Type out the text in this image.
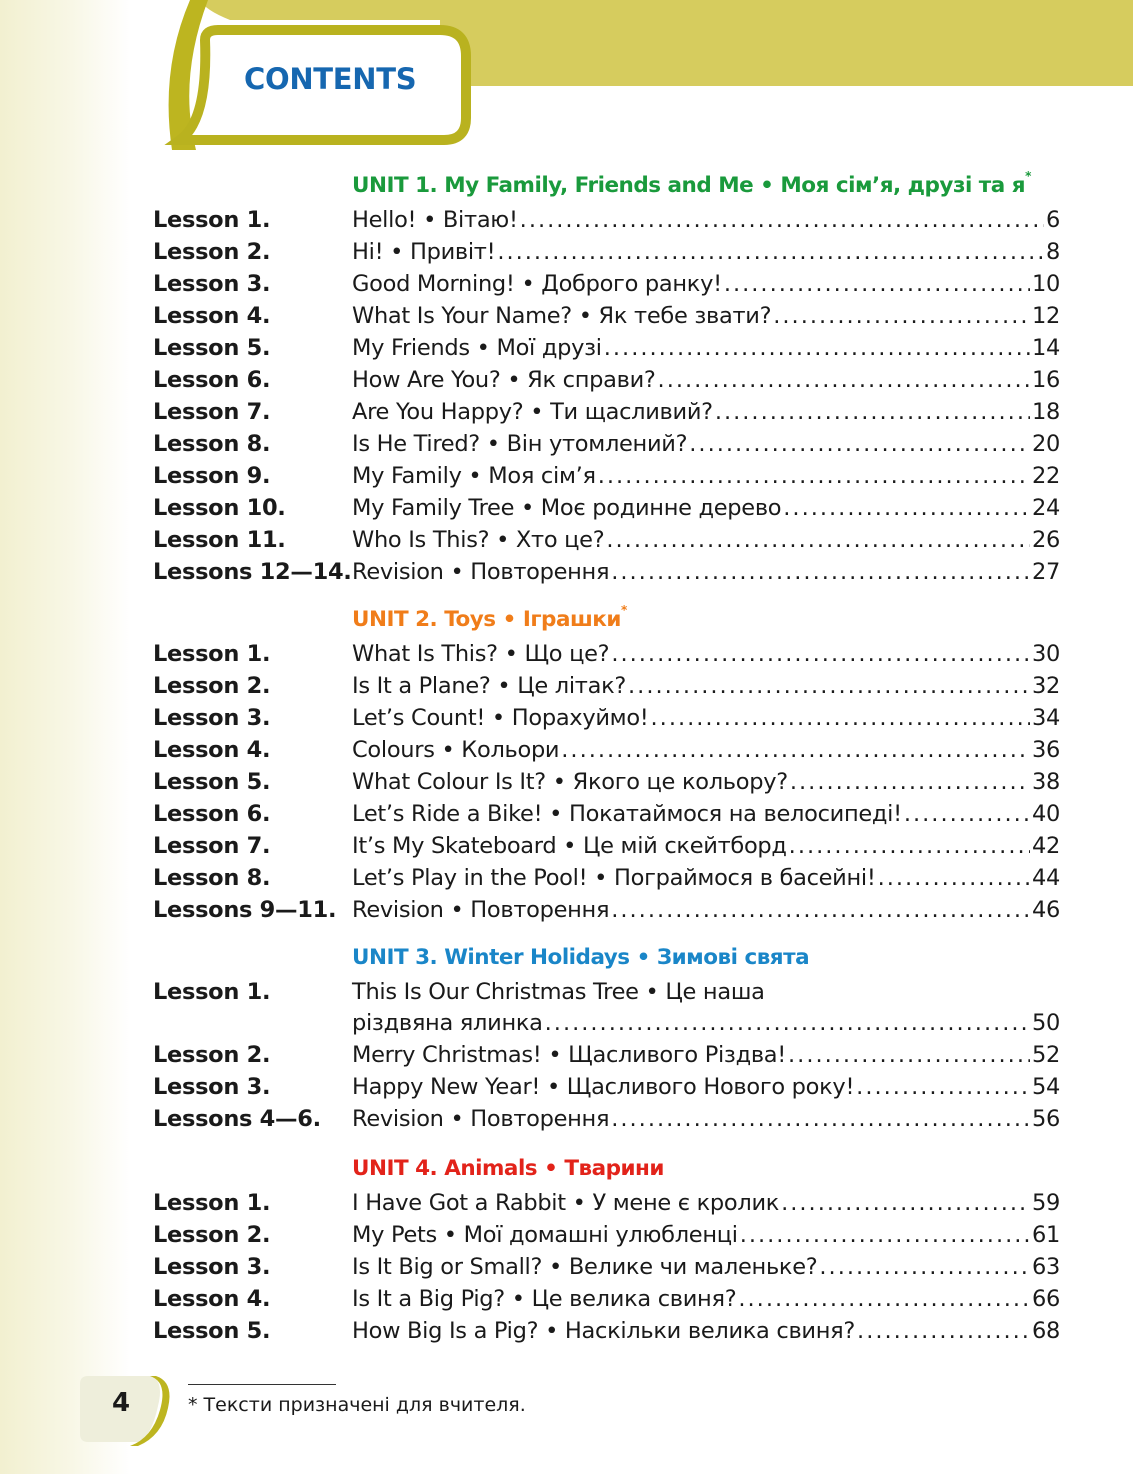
CONTENTS
UNIT 1. My Family, Friends and Me • Моя сім’я, друзі та я*
Lesson 1.	Hello! • Вітаю! .....	6
Lesson 2.	Hi! • Привіт! .....	8
Lesson 3.	Good Morning! • Доброго ранку! .....	10
Lesson 4.	What Is Your Name? • Як тебе звати? .....	12
Lesson 5.	My Friends • Мої друзі .....	14
Lesson 6.	How Are You? • Як справи? .....	16
Lesson 7.	Are You Happy? • Ти щасливий? .....	18
Lesson 8.	Is He Tired? • Він утомлений? .....	20
Lesson 9.	My Family • Моя сім’я .....	22
Lesson 10.	My Family Tree • Моє родинне дерево .....	24
Lesson 11.	Who Is This? • Хто це? .....	26
Lessons 12—14. Revision • Повторення .....	27
UNIT 2. Toys • Іграшки*
Lesson 1.	What Is This? • Що це? .....	30
Lesson 2.	Is It a Plane? • Це літак? .....	32
Lesson 3.	Let’s Count! • Порахуймо! .....	34
Lesson 4.	Colours • Кольори .....	36
Lesson 5.	What Colour Is It? • Якого це кольору? .....	38
Lesson 6.	Let’s Ride a Bike! • Покатаймося на велосипеді! .....	40
Lesson 7.	It’s My Skateboard • Це мій скейтборд .....	42
Lesson 8.	Let’s Play in the Pool! • Пограймося в басейні! .....	44
Lessons 9—11. Revision • Повторення .....	46
UNIT 3. Winter Holidays • Зимові свята
Lesson 1.	This Is Our Christmas Tree • Це наша
різдвяна ялинка .....	50
Lesson 2.	Merry Christmas! • Щасливого Різдва! .....	52
Lesson 3.	Happy New Year! • Щасливого Нового року! .....	54
Lessons 4—6. Revision • Повторення .....	56
UNIT 4. Animals • Тварини
Lesson 1.	I Have Got a Rabbit • У мене є кролик .....	59
Lesson 2.	My Pets • Мої домашні улюбленці .....	61
Lesson 3.	Is It Big or Small? • Велике чи маленьке? .....	63
Lesson 4.	Is It a Big Pig? • Це велика свиня? .....	66
Lesson 5.	How Big Is a Pig? • Наскільки велика свиня? .....	68
* Тексти призначені для вчителя.
4
